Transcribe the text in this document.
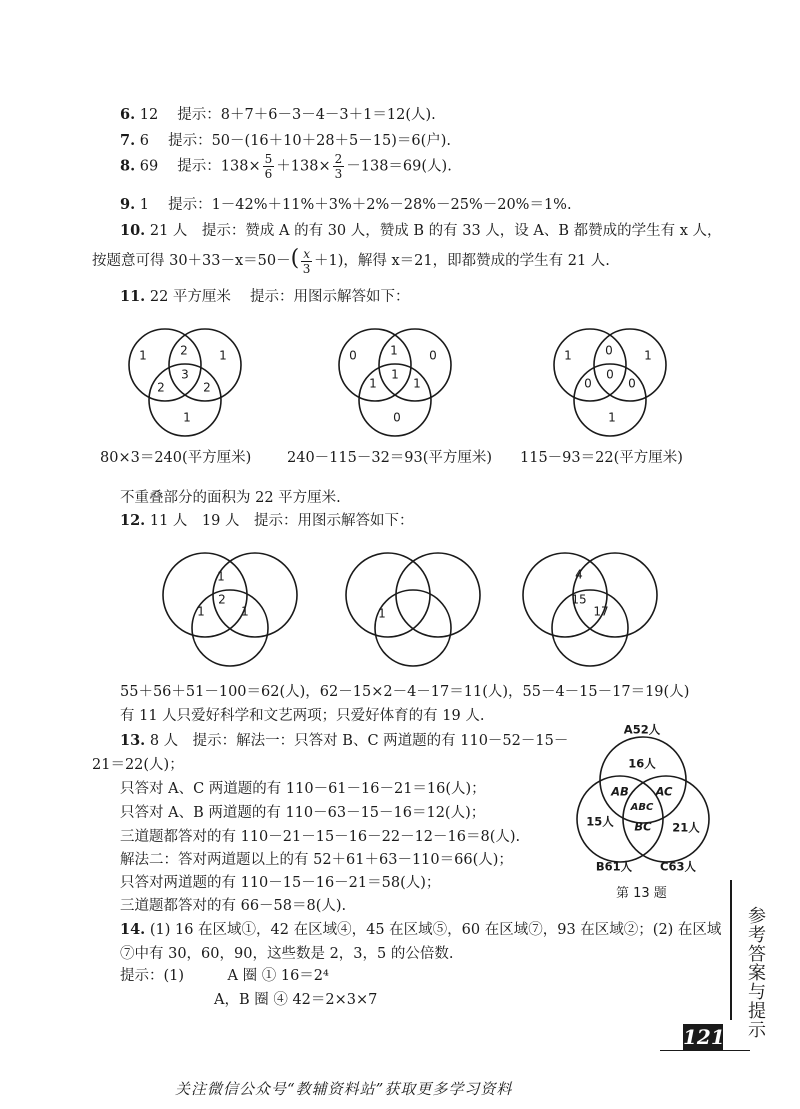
6. 12　 提示：8＋7＋6－3－4－3＋1＝12(人).
7. 6　 提示：50－(16＋10＋28＋5－15)＝6(户).
8. 69　 提示：$138\times \frac{5}{6} +138\times \frac{2}{3} -138=69$(人).
9. 1　 提示：1－42%＋11%＋3%＋2%－28%－25%－20%＝1%.
10. 21 人　提示：赞成 A 的有 30 人，赞成 B 的有 33 人，设 A、B 都赞成的学生有 x 人，
按题意可得 $30+33-x=50-( \frac{x}{3} +1)$，解得 x＝21，即都赞成的学生有 21 人.
11. 22 平方厘米　 提示：用图示解答如下：
1	2	1
3
2	2
1
0	1	0
1
1	1
0
1	0	1
0
0	0
1
80×3＝240(平方厘米) 240－115－32＝93(平方厘米) 115－93＝22(平方厘米)
不重叠部分的面积为 22 平方厘米.
12. 11 人　19 人　提示：用图示解答如下：
1
2
1	1	1
4
15
17
55＋56＋51－100＝62(人)，62－15×2－4－17＝11(人)，55－4－15－17＝19(人)
有 11 人只爱好科学和文艺两项；只爱好体育的有 19 人.
13. 8 人　提示：解法一：只答对 B、C 两道题的有 110－52－15－
21＝22(人)；
只答对 A、C 两道题的有 110－61－16－21＝16(人)；
只答对 A、B 两道题的有 110－63－15－16＝12(人)；
三道题都答对的有 110－21－15－16－22－12－16＝8(人).
解法二：答对两道题以上的有 52＋61＋63－110＝66(人)；
只答对两道题的有 110－15－16－21＝58(人)；
三道题都答对的有 66－58＝8(人).
A52人
16人
AB AC
ABC
15人 BC 21人
B61人 C63人
第 13 题
14. (1) 16 在区域①，42 在区域④，45 在区域⑤，60 在区域⑦，93 在区域②；(2) 在区域
⑦中有 30，60，90，这些数是 2，3，5 的公倍数.
提示：(1)　　　A 圈 ① 16＝2⁴
A，B 圈 ④ 42＝2×3×7	参考答案与提示
121
关注微信公众号“教辅资料站”获取更多学习资料
